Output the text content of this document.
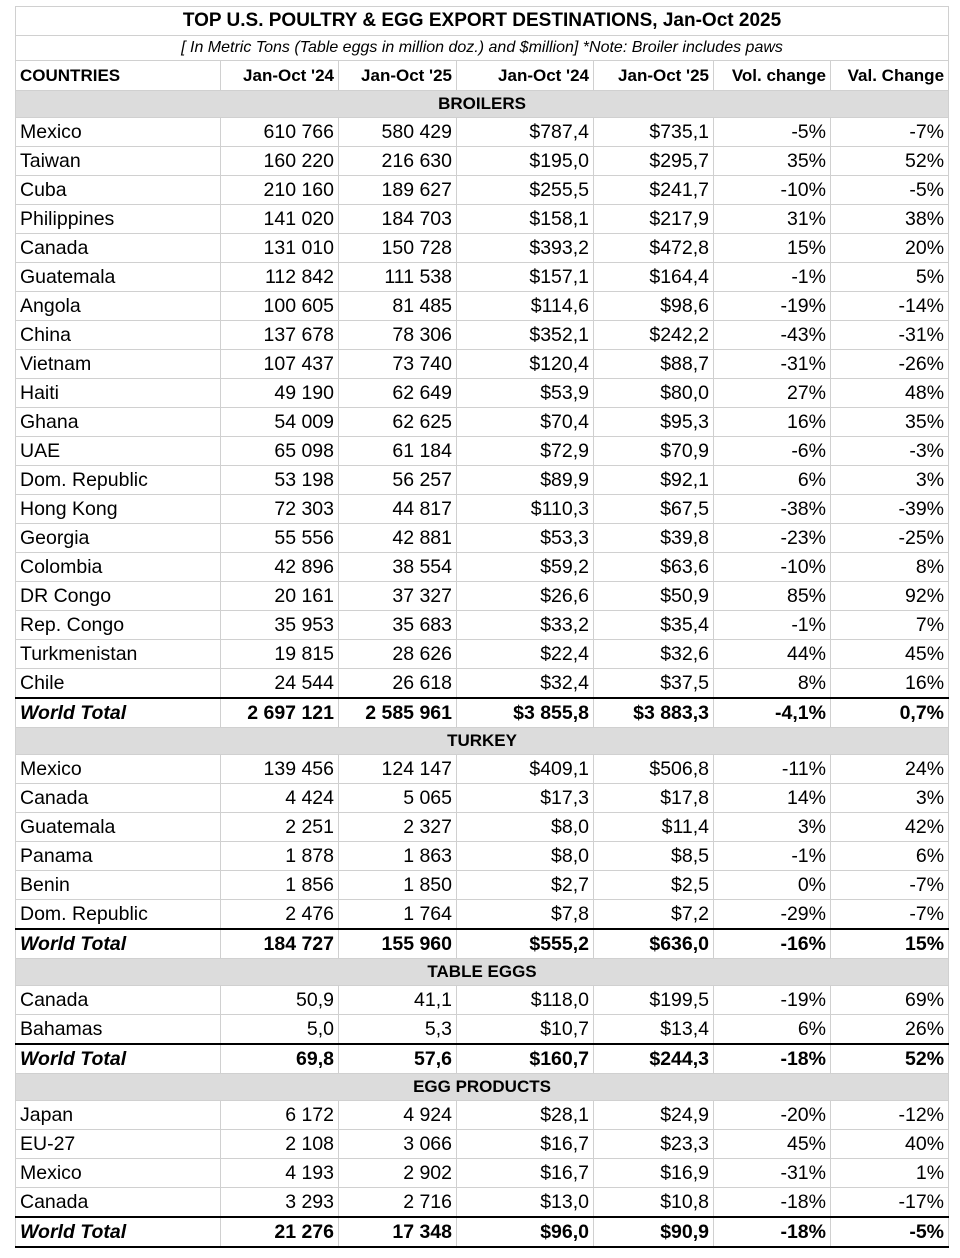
TOP U.S. POULTRY & EGG EXPORT DESTINATIONS, Jan-Oct 2025						
[ In Metric Tons (Table eggs in million doz.) and $million] *Note: Broiler includes paws						
COUNTRIES	Jan-Oct '24	Jan-Oct '25	Jan-Oct '24	Jan-Oct '25	Vol. change	Val. Change
BROILERS						
Mexico	610 766	580 429	$787,4	$735,1	-5%	-7%
Taiwan	160 220	216 630	$195,0	$295,7	35%	52%
Cuba	210 160	189 627	$255,5	$241,7	-10%	-5%
Philippines	141 020	184 703	$158,1	$217,9	31%	38%
Canada	131 010	150 728	$393,2	$472,8	15%	20%
Guatemala	112 842	111 538	$157,1	$164,4	-1%	5%
Angola	100 605	81 485	$114,6	$98,6	-19%	-14%
China	137 678	78 306	$352,1	$242,2	-43%	-31%
Vietnam	107 437	73 740	$120,4	$88,7	-31%	-26%
Haiti	49 190	62 649	$53,9	$80,0	27%	48%
Ghana	54 009	62 625	$70,4	$95,3	16%	35%
UAE	65 098	61 184	$72,9	$70,9	-6%	-3%
Dom. Republic	53 198	56 257	$89,9	$92,1	6%	3%
Hong Kong	72 303	44 817	$110,3	$67,5	-38%	-39%
Georgia	55 556	42 881	$53,3	$39,8	-23%	-25%
Colombia	42 896	38 554	$59,2	$63,6	-10%	8%
DR Congo	20 161	37 327	$26,6	$50,9	85%	92%
Rep. Congo	35 953	35 683	$33,2	$35,4	-1%	7%
Turkmenistan	19 815	28 626	$22,4	$32,6	44%	45%
Chile	24 544	26 618	$32,4	$37,5	8%	16%
World Total	2 697 121	2 585 961	$3 855,8	$3 883,3	-4,1%	0,7%
TURKEY						
Mexico	139 456	124 147	$409,1	$506,8	-11%	24%
Canada	4 424	5 065	$17,3	$17,8	14%	3%
Guatemala	2 251	2 327	$8,0	$11,4	3%	42%
Panama	1 878	1 863	$8,0	$8,5	-1%	6%
Benin	1 856	1 850	$2,7	$2,5	0%	-7%
Dom. Republic	2 476	1 764	$7,8	$7,2	-29%	-7%
World Total	184 727	155 960	$555,2	$636,0	-16%	15%
TABLE EGGS						
Canada	50,9	41,1	$118,0	$199,5	-19%	69%
Bahamas	5,0	5,3	$10,7	$13,4	6%	26%
World Total	69,8	57,6	$160,7	$244,3	-18%	52%
EGG PRODUCTS						
Japan	6 172	4 924	$28,1	$24,9	-20%	-12%
EU-27	2 108	3 066	$16,7	$23,3	45%	40%
Mexico	4 193	2 902	$16,7	$16,9	-31%	1%
Canada	3 293	2 716	$13,0	$10,8	-18%	-17%
World Total	21 276	17 348	$96,0	$90,9	-18%	-5%
